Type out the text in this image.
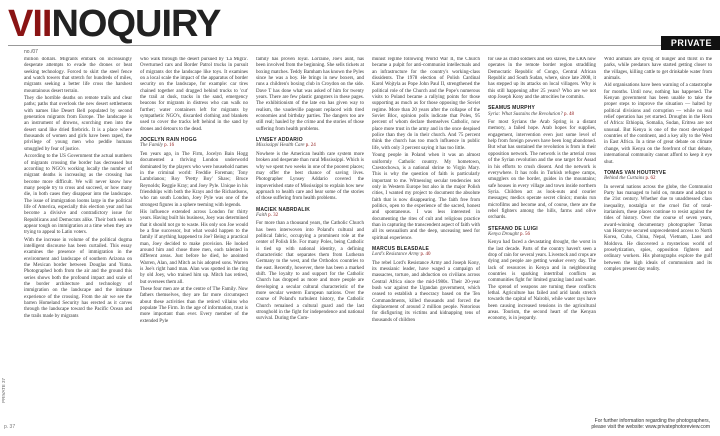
VIINOQUIRY	PRIVATE
no./07
PRIVATE 37
p. 37

million dollars. Migrants embark on increasingly desperate attempts to evade the drones or beat seeking technology. Forced to skirt the steel fence and watch towers that stretch for hundreds of miles, migrants seeking a better life cross the harshest mountainous desert terrain.

They die horrible deaths on remote trails and clear paths; paths that overlook the new desert settlements with names like Desert Bell populated by second generation migrants from Europe. The landscape is an instrument of drowns, scorching men into the desert sand like dried firebrick. It is a place where thousands of women and girls have been raped, the privilege of young men who peddle humans smuggled by fear of justice.

According to the US Government the actual numbers of migrants crossing the border has decreased but according to NGO's working locally the number of migrant deaths is increasing as the crossing has become more difficult. We will never know how many people try to cross and succeed, or how many die, in both cases they disappear into the landscape. The issue of immigration looms large in the political life of America, especially this election year and has become a divisive and contradictory issue for Republicans and Democrats alike. Their both seek to appear tough on immigration at a time when they are trying to appeal to Latin voters.

With the increase in volume of the political dogma intelligent discourse has been curtailed. This essay examines the presence of immigration in the environment and landscape of southern Arizona on the Mexican border between Douglas and Yuma. Photographed both from the air and the ground this series shows both the profound impact and scale of the border architecture and technology of immigration on the landscape and the intimate experience of the crossing. From the air we see the barren Homeland Security has erected as it carves through the landscape toward the Pacific Ocean and the trails made by migrants

who walk through the desert pursued by 'La Migra'. Overturned cars and Border Patrol trucks in pursuit of migrants dot the landscape like toys. It examines on a local scale the impact of the apparatus of border security on the landscape, for example: car tires chained together and dragged behind trucks to 'cut' the trail at dusk, tracks in the sand, emergency beacons for migrants in distress who can walk no further; water containers left for migrants by sympathetic NGO's, discarded clothing and blankets used to cover the tracks left behind in the sand by drones and detours to the dead.

JOCELYN RAIN HOGG
The Family p. 16

Ten years ago, in The Firm, Jocelyn Bain Hogg documented a thriving London underworld dominated by the players who were household names in the criminal world: Freddie Foreman; Tony Lambrianou; Roy 'Pretty Boy' Shaw; Bruce Reynolds; Reggie Kray; and Joey Pyle. Unique in his friendships with both the Krays and the Richardsons, who ran south London, Joey Pyle was one of the strongest figures in a sphere teeming with legends.

His influence extended across London for thirty years. Having built his business, Joey was determined that it should not go to waste. His only son Joe would be a fine successor, but what would happen to the family if anything happened to Joe? Being a practical man, Joey decided to make provision. He looked around him and chose three men, each talented in different areas. Just before he died, he anointed Warren, Alan, and Mitch as his adopted sons. Warren is Joe's right hand man. Alan was spotted in the ring by old Joey, who trained him up. Mitch has retired, but oversees them all.

These four men are at the centre of The Family. Now fathers themselves, they are far more circumspect about these activities than the retired villains who populate The Firm. In the age of information, trust is more important than ever. Every member of the extended Pyle

family has proven loyal. Lorraine, Joe's aunt, has been involved from the beginning. She sells tickets at boxing matches. Teddy Bamham has known the Pyles since he was a boy. He brings in new boxers, and runs a children's boxing club in Croydon on the side. Dave T has done what was asked of him for twenty years. There are few plastic gangsters in these pages. The exhibitionism of the late era has given way to realism, the vaudeville pageant replaced with tired economies and birthday parties. The dangers too are still real; hauled by the crime and the stories of those suffering from health problems.

LYNSEY ADDARIO
Mississippi Health Care p. 24

Nowhere is the American health care system more broken and desperate than rural Mississippi. Which is why we spent two weeks in one of the poorest places; may offer the best chance of saving lives. Photographer Lynsey Addario covered the impoverished state of Mississippi to explain how new approach to health care and hear some of the stories of those suffering from health problems.

MACIEK NABRDALIK
Faith p. 32

For more than a thousand years, the Catholic Church has been interwoven into Poland's cultural and political fabric, occupying a prominent role at the center of Polish life. For many Poles, being Catholic is tied up with national identity, a defining characteristic that separates them from Lutheran Germany to the west, and the Orthodox countries to the east. Recently, however, there has been a marked shift. The loyalty to and support for the Catholic Church has dropped as more and more people are developing a secular cultural characteristic of the more secular western European nations. Over the course of Poland's turbulent history, the Catholic Church remained a cultural guard and the last stronghold in the fight for independence and national survival. During the Com-

munist regime following World War II, the Church became a pulpit for anti-communist intellectuals and an infrastructure for the country's working-class dissidents. The 1978 election of Polish Cardinal Karol Wojtyla as Pope John Paul II, strengthened the political role of the Church and the Pope's numerous visits to Poland became a rallying points for those supporting as much as for those opposing the Soviet regime. More than 20 years after the collapse of the Soviet Bloc, opinion polls indicate that Poles, 95 percent of whom declare themselves Catholic, now place more trust in the army and in the once despised police than they do in their church. And 75 percent think the church has too much influence in public life, with only 3 percent saying it has too little.

Young people in Poland when it was an almost uniformly Catholic country. My hometown, Czestochowa, is a national shrine to Virgin Mary. This is why the question of faith is particularly important to me. Witnessing secular tendencies not only in Western Europe but also in the major Polish cities, I wanted my project to document the absolute faith that is now disappearing. The faith free from politics, open to the experience of the sacred, honest and spontaneous. I was less interested in documenting the rites of cult and religious practice than in capturing the transcendent aspect of faith with all its sensualism and the deep, unceasing need for spiritual experience.

MARCUS BLEASDALE
Lord's Resistance Army p. 40

The rebel Lord's Resistance Army and Joseph Kony, its messianic leader, have waged a campaign of massacres, torture, and abduction on civilians across Central Africa since the mid-1980s. Their 20-year bush war against the Ugandan government, which ceased to establish a theocracy based on the Ten Commandments, killed thousands and forced the displacement of around 2 million people. Notorious for disfiguring its victims and kidnapping tens of thousands of children

for use as child soldiers and sex slaves, the LRA now operates in the remote border region straddling Democratic Republic of Congo, Central African Republic and South Sudan, where, since late 2008, it has stepped up its attacks on local villagers. Why is this still happening after 25 years? Who are we not stop Joseph Kony and the atrocities he commits.

SEAMUS MURPHY
Syria: What Sustains the Revolution? p. 48

For most Syrians the Arab Spring is a distant memory, a failed hope. Arab hopes for supplies, engagement, intervention even just some level of help from foreign powers have been long abandoned. But what has sustained the revolution is from in their opposition network. The network is the arterial cross of the Syrian revolution and the one target for Assad in his efforts to crush dissent. And the network is everywhere. It has rolls in Turkish refugee camps, smugglers on the border, guides in the mountains; safe houses in every village and town inside northern Syria. Children act as look-outs and courier messages; medics operate secret clinics; monks run microfilms and become and, of course, there are the rebel fighters among the hills, farms and olive orchards.

STEFANO DE LUIGI
Kenya Drought p. 56

Kenya had faced a devastating drought, the worst in the last decade. Parts of the country haven't seen a drop of rain for several years. Livestock and crops are dying and people are getting weaker every day. The lack of resources in Kenya and in neighbouring countries is sparking intertribal conflicts as communities fight for limited grazing land and water. The spread of weapons are turning these conflicts lethal. Agriculture has failed and arid lands stretch towards the capital of Nairobi, while water rays have been causing increased tensions in the agricultural areas. Tourism, the second heart of the Kenyan economy, is in jeopardy.

Wild animals are dying of hunger and thirst in the parks, while predators have started getting closer to the villages, killing cattle to get drinkable water from animals.

Aid organisations have been warning of a catastrophe for months. Until now, nothing has happened. The Kenyan government has been unable to take the proper steps to improve the situation — halted by political divisions and corruption — while no real relief operation has yet started. Droughts in the Horn of Africa: Ethiopia, Somalia, Sudan, Eritrea are not unusual. But Kenya is one of the most developed countries of the continent, and a key ally to the West in East Africa. In a time of great debate on climate change, with Kenya on the forefront of that debate, international community cannot afford to keep it eye shut.

TOMAS VAN HOUTRYVE
Behind the Curtains p. 62

In several nations across the globe, the Communist Party has managed to hold on, mutate and adapt to the 21st century. Whether due to unaddressed class inequality, nostalgia or the cruel fist of total-itarianism, these places continue to resist against the tides of history. Over the course of seven years, award-winning documentary photographer Tomas van Houtryve secured unprecedented access to North Korea, Cuba, China, Nepal, Vietnam, Laos and Moldova. He discovered a mysterious world of proselytization, spies, opposition fighters and ordinary workers. His photographs explore the gulf between the high ideals of communism and its complex present day reality.

For further information regarding the photographers,
please visit the website: www.privatephotoreview.com
